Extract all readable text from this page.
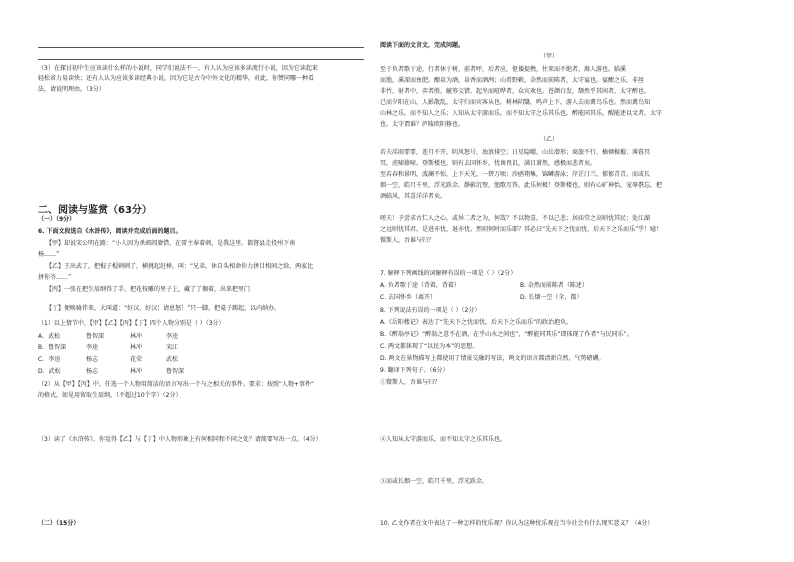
（3）在探讨初中生应该读什么样的小说时，同学们说法不一，有人认为应该多读流行小说，因为它读起来
轻松省力易读快；还有人认为应该多读经典小说，因为它是古今中外文化的精华。对此，你赞同哪一种看
法，请说明理由。（3分）
二、阅读与鉴赏（63分）
（一）（9分）
6. 下面文段选自《水浒传》，阅读并完成后面的题目。
【甲】却说宋公明在路：“小人因为杀郭阎婆惜，在雷主奉着刺，是我这里。都督县走投州下南
杨……”
【乙】王出武了，把棍子棍刺刺了，横挑起赶棒，叫：“兄弟，休自头相命你力拼目相间之给，两家比
拼你爷……”
【丙】一张在把生辰纲得了手，把花枝雕的里子上，藏了了搁着，出来把里门
【丁】便唤骑伴来，大叫道：“好汉，好汉！请息怒！”只一脚，把桌子踢起，以内纳办。
（1）以上情节中，【甲】【乙】【丙】【丁】四个人物分别是（ ）（3分）
A．武松	鲁智深	林冲	李逵
B．鲁智深	李逵	林冲	宋江
C．李逵	杨志	花荣	武松
D．武松	杨志	林冲	鲁智深
（2）从【甲】【丙】中，任选一个人物用简洁的语言写出一个与之相关的事件。要求：按照“人物+事件”
的格式，如见用留取生辰纲。（不超过10个字）（2分）
（3）读了《水浒传》，你觉得【乙】与【丁】中人物形象上有何相同和不同之处？请简要写出一点。（4分）
（二）（15分）
阅读下面的文言文，完成问题。
（甲）
至于负者歌于途，行者休于树，前者呼，后者应，伛偻提携，往来而不绝者，滁人游也。临溪
而渔，溪深而鱼肥。酿泉为酒，泉香而酒洌；山肴野蔌，杂然而前陈者，太守宴也。宴酣之乐，非丝
非竹，射者中，弈者胜，觥筹交错，起坐而喧哗者，众宾欢也。苍颜白发，颓然乎其间者，太守醉也。
已而夕阳在山，人影散乱，太守归而宾客从也。树林阴翳，鸣声上下，游人去而禽鸟乐也。然而禽鸟知
山林之乐，而不知人之乐；人知从太守游而乐，而不知太守之乐其乐也。醉能同其乐，醒能述以文者，太守
也。太守谓谁？庐陵欧阳修也。
（乙）
若夫淫雨霏霏，连月不开，阴风怒号，浊浪排空；日星隐曜，山岳潜形；商旅不行，樯倾楫摧；薄暮冥
冥，虎啸猿啼。登斯楼也，则有去国怀乡，忧谗畏讥，满目萧然，感极而悲者矣。
至若春和景明，波澜不惊，上下天光，一碧万顷；沙鸥翔集，锦鳞游泳；岸芷汀兰，郁郁青青。而或长
烟一空，皓月千里，浮光跃金，静影沉璧，渔歌互答，此乐何极！登斯楼也，则有心旷神怡，宠辱偕忘，把
酒临风，其喜洋洋者矣。
嗟夫！予尝求古仁人之心，或异二者之为，何哉？不以物喜，不以己悲；居庙堂之高则忧其民；处江湖
之远则忧其君。是进亦忧，退亦忧。然则何时而乐耶？其必曰“先天下之忧而忧，后天下之乐而乐”乎！噫！
微斯人，吾谁与归？
7. 解释下列画线的词解释有误的一项是（ ）（2分）
A. 负者歌于途（背着，背着）	B. 杂然而前陈者（陈述）
C. 去国怀乡（离开）	D. 长烟一空（全，都）
8. 下列说法有误的一项是（ ）（2分）
A.《岳阳楼记》表达了“先天下之忧而忧，后天下之乐而乐”的政治抱负。
B.《醉翁亭记》“醉翁之意不在酒，在乎山水之间也”，“醉能同其乐”即体现了作者“与民同乐”。
C. 两文都体现了“以民为本”的思想。
D. 两文在景物描写上都使用了情景交融的写法，两文的语言都清新自然，气势磅礴。
9. 翻译下列句子。（6分）
①微斯人，吾谁与归？
②人知从太守游而乐，而不知太守之乐其乐也。
③而或长烟一空，皓月千里，浮光跃金。
10. 乙文作者在文中表达了一种怎样的忧乐观？你认为这种忧乐观在当今社会有什么现实意义？（4分）
